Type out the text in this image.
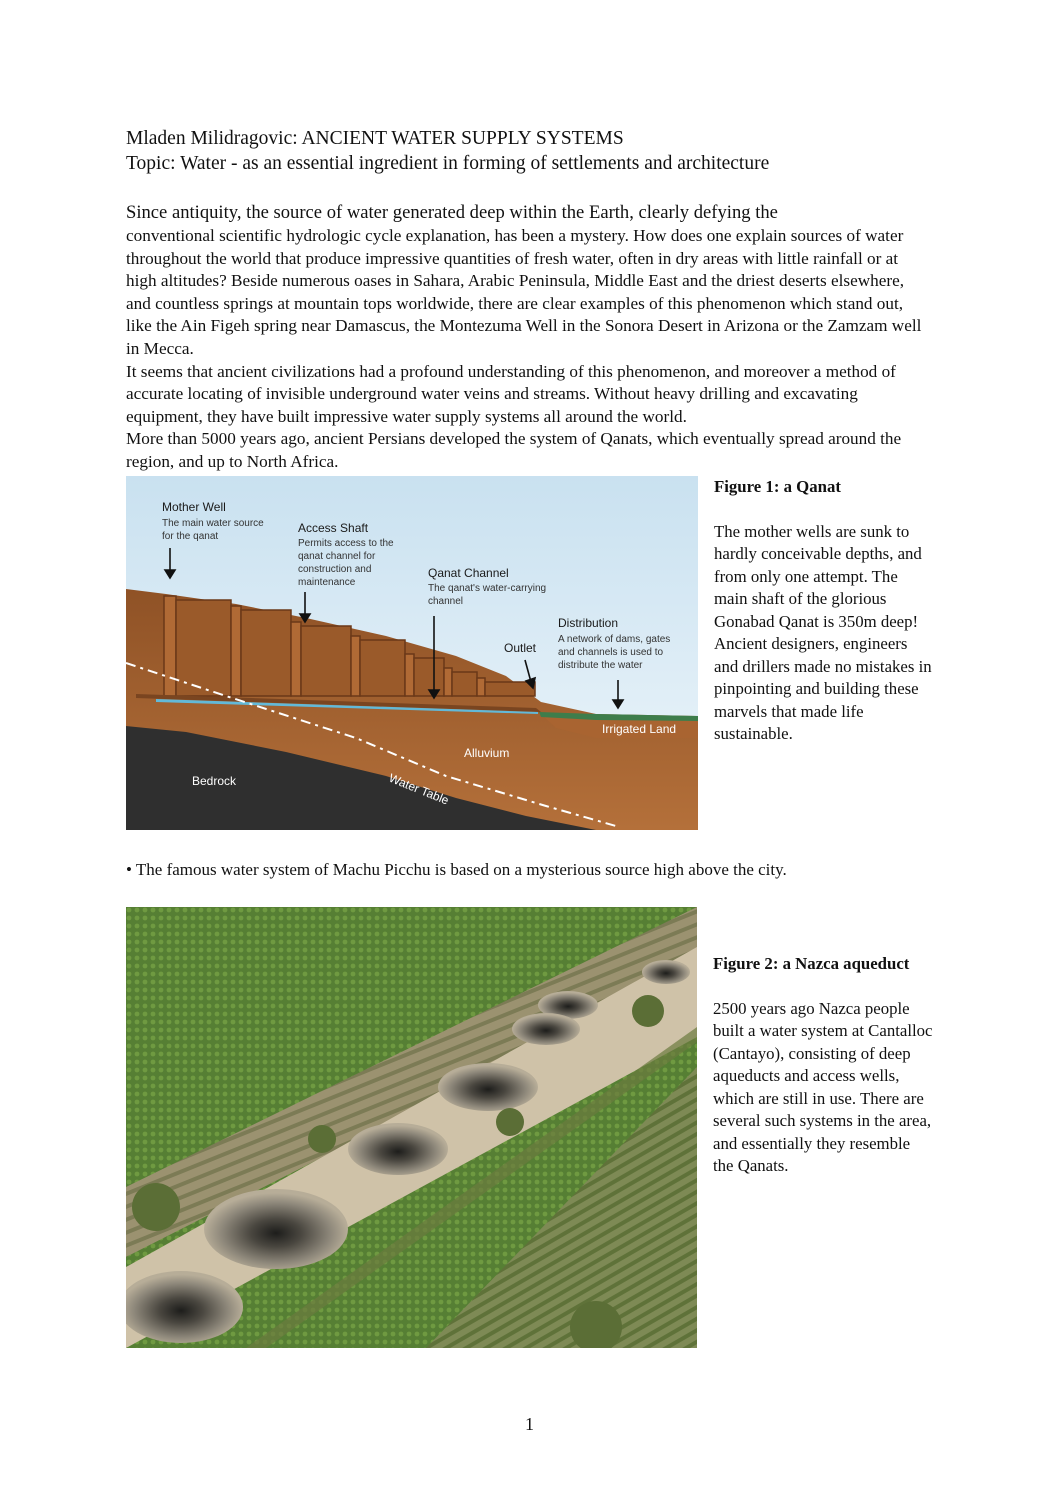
Mladen Milidragovic: ANCIENT WATER SUPPLY SYSTEMS
Topic: Water - as an essential ingredient in forming of settlements and architecture

Since antiquity, the source of water generated deep within the Earth, clearly defying the

conventional scientific hydrologic cycle explanation, has been a mystery. How does one explain sources of water throughout the world that produce impressive quantities of fresh water, often in dry areas with little rainfall or at high altitudes? Beside numerous oases in Sahara, Arabic Peninsula, Middle East and the driest deserts elsewhere, and countless springs at mountain tops worldwide, there are clear examples of this phenomenon which stand out, like the Ain Figeh spring near Damascus, the Montezuma Well in the Sonora Desert in Arizona or the Zamzam well in Mecca.

It seems that ancient civilizations had a profound understanding of this phenomenon, and moreover a method of accurate locating of invisible underground water veins and streams. Without heavy drilling and excavating equipment, they have built impressive water supply systems all around the world.

More than 5000 years ago, ancient Persians developed the system of Qanats, which eventually spread around the region, and up to North Africa.

Mother Well
The main water source
for the qanat
Access Shaft
Permits access to the
qanat channel for
construction and
maintenance
Qanat Channel
The qanat's water-carrying
channel
Outlet
Distribution
A network of dams, gates
and channels is used to
distribute the water
Irrigated Land
Alluvium
Bedrock	Water Table

Figure 1: a Qanat

The mother wells are sunk to hardly conceivable depths, and from only one attempt. The main shaft of the glorious Gonabad Qanat is 350m deep! Ancient designers, engineers and drillers made no mistakes in pinpointing and building these marvels that made life sustainable.

• The famous water system of Machu Picchu is based on a mysterious source high above the city.

Figure 2: a Nazca aqueduct

2500 years ago Nazca people built a water system at Cantalloc (Cantayo), consisting of deep aqueducts and access wells, which are still in use. There are several such systems in the area, and essentially they resemble the Qanats.

1
